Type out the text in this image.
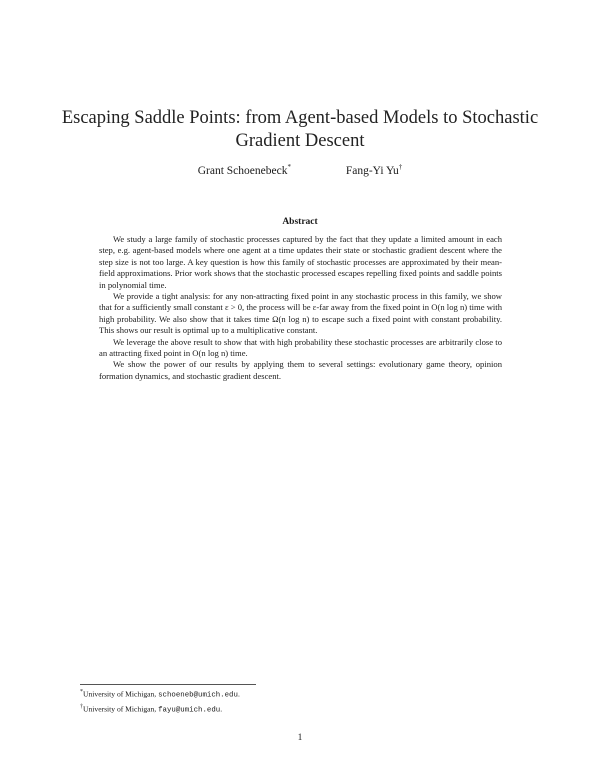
Escaping Saddle Points: from Agent-based Models to Stochastic Gradient Descent
Grant Schoenebeck*	Fang-Yi Yu†
Abstract

We study a large family of stochastic processes captured by the fact that they update a limited amount in each step, e.g. agent-based models where one agent at a time updates their state or stochastic gradient descent where the step size is not too large. A key question is how this family of stochastic processes are approximated by their mean-field approximations. Prior work shows that the stochastic processed escapes repelling fixed points and saddle points in polynomial time.

We provide a tight analysis: for any non-attracting fixed point in any stochastic process in this family, we show that for a sufficiently small constant ε > 0, the process will be ε-far away from the fixed point in O(n log n) time with high probability. We also show that it takes time Ω(n log n) to escape such a fixed point with constant probability. This shows our result is optimal up to a multiplicative constant.

We leverage the above result to show that with high probability these stochastic processes are arbitrarily close to an attracting fixed point in O(n log n) time.

We show the power of our results by applying them to several settings: evolutionary game theory, opinion formation dynamics, and stochastic gradient descent.

*University of Michigan, schoeneb@umich.edu.
†University of Michigan, fayu@umich.edu.
1
